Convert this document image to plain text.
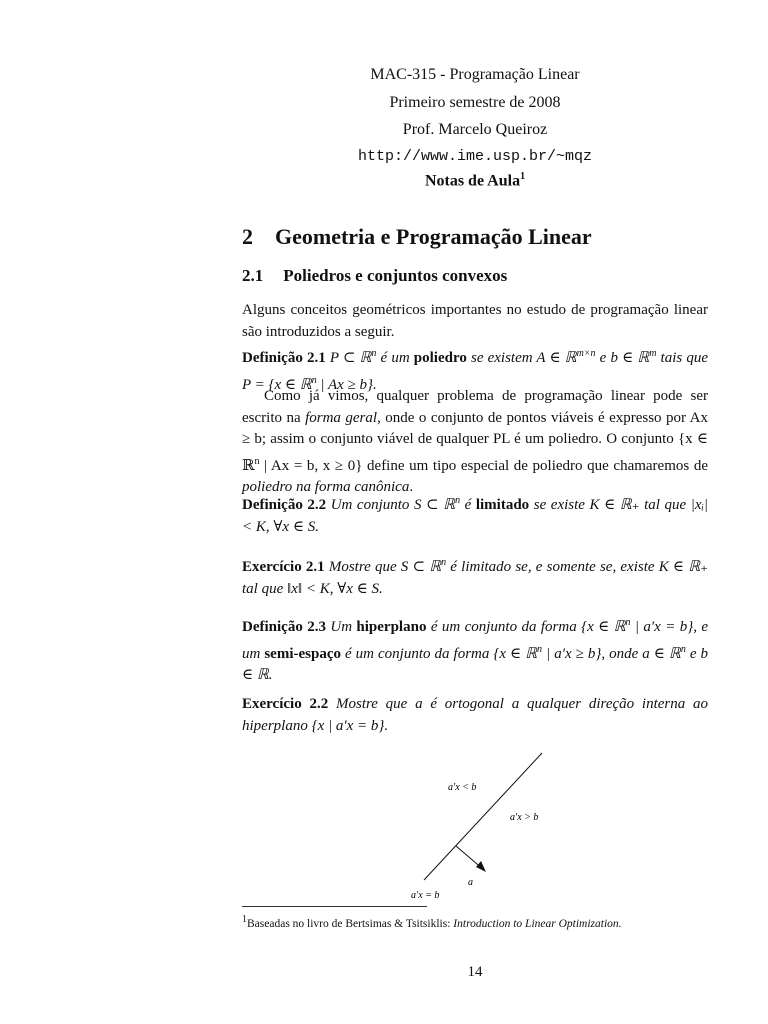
MAC-315 - Programação Linear
Primeiro semestre de 2008
Prof. Marcelo Queiroz
http://www.ime.usp.br/~mqz
Notas de Aula$^1$
2 Geometria e Programação Linear
2.1 Poliedros e conjuntos convexos
Alguns conceitos geométricos importantes no estudo de programação linear são introduzidos a seguir.
Definição 2.1 P ⊂ ℝ$^n$ é um poliedro se existem A ∈ ℝ$^{m\times n}$ e b ∈ ℝ$^m$ tais que P = {x ∈ ℝ$^n$ | Ax ≥ b}.
Como já vimos, qualquer problema de programação linear pode ser escrito na forma geral, onde o conjunto de pontos viáveis é expresso por Ax ≥ b; assim o conjunto viável de qualquer PL é um poliedro. O conjunto {x ∈ ℝ$^n$ | Ax = b, x ≥ 0} define um tipo especial de poliedro que chamaremos de poliedro na forma canônica.
Definição 2.2 Um conjunto S ⊂ ℝ$^n$ é limitado se existe K ∈ ℝ₊ tal que |xᵢ| < K, ∀x ∈ S.
Exercício 2.1 Mostre que S ⊂ ℝ$^n$ é limitado se, e somente se, existe K ∈ ℝ₊ tal que ‖x‖ < K, ∀x ∈ S.
Definição 2.3 Um hiperplano é um conjunto da forma {x ∈ ℝ$^n$ | a′x = b}, e um semi-espaço é um conjunto da forma {x ∈ ℝ$^n$ | a′x ≥ b}, onde a ∈ ℝ$^n$ e b ∈ ℝ.
Exercício 2.2 Mostre que a é ortogonal a qualquer direção interna ao hiperplano {x | a′x = b}.
a′x < b
a′x > b
a
a′x = b
$^1$Baseadas no livro de Bertsimas & Tsitsiklis: Introduction to Linear Optimization.
14
